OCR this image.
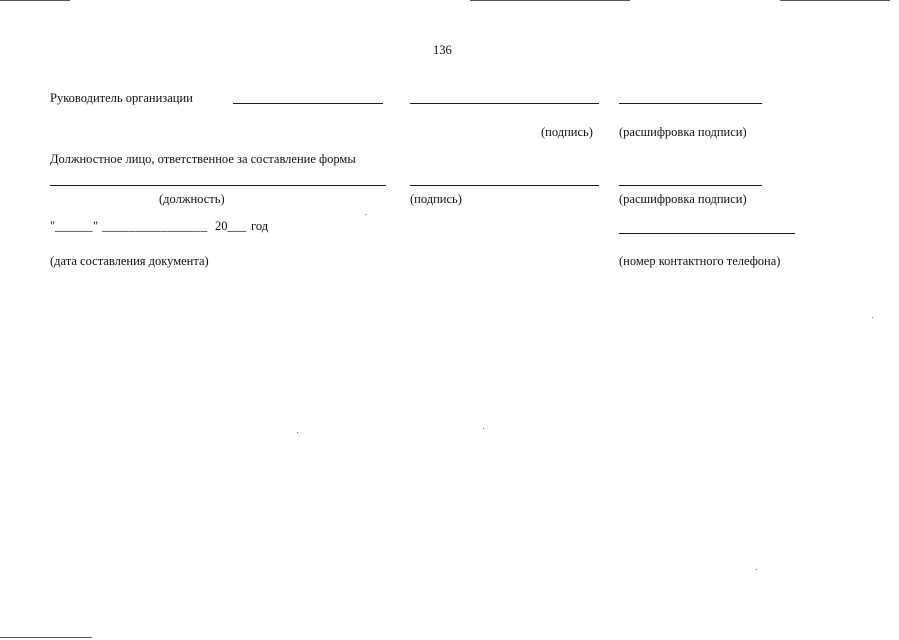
136
Руководитель организации
(подпись) (расшифровка подписи)
Должностное лицо, ответственное за составление формы
(должность)	(подпись)	(расшифровка подписи)
" ______ " ________________ 20___ год
(дата составления документа)	(номер контактного телефона)
